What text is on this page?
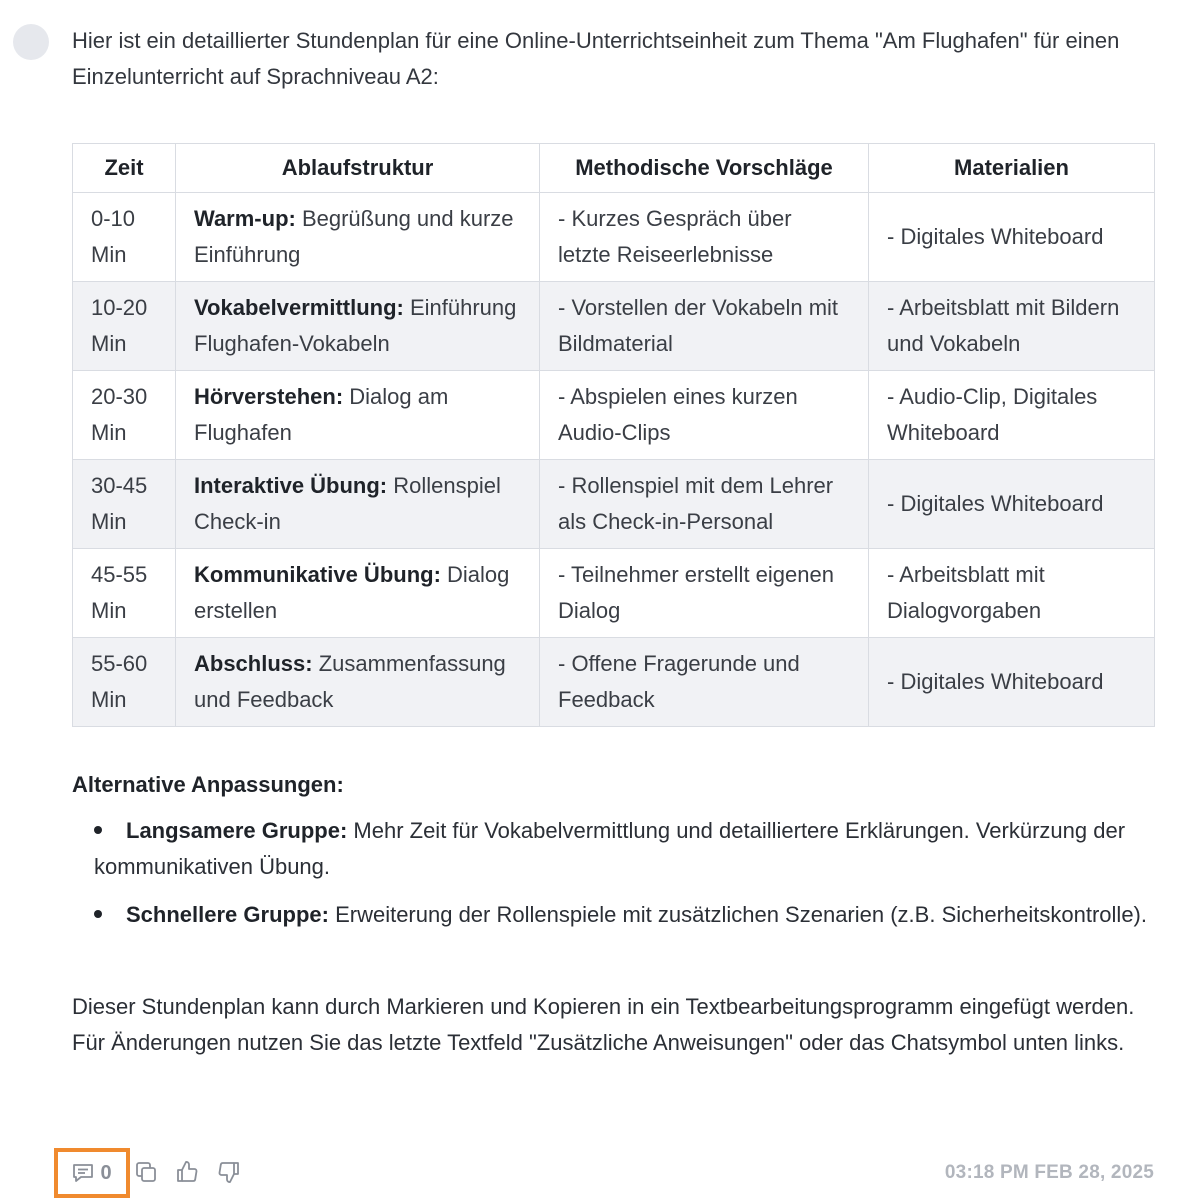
Hier ist ein detaillierter Stundenplan für eine Online-Unterrichtseinheit zum Thema "Am Flughafen" für einen Einzelunterricht auf Sprachniveau A2:

Zeit	Ablaufstruktur	Methodische Vorschläge	Materialien
0-10 Min	Warm-up: Begrüßung und kurze Einführung	- Kurzes Gespräch über letzte Reiseerlebnisse	- Digitales Whiteboard
10-20 Min	Vokabelvermittlung: Einführung Flughafen-Vokabeln	- Vorstellen der Vokabeln mit Bildmaterial	- Arbeitsblatt mit Bildern und Vokabeln
20-30 Min	Hörverstehen: Dialog am Flughafen	- Abspielen eines kurzen Audio-Clips	- Audio-Clip, Digitales Whiteboard
30-45 Min	Interaktive Übung: Rollenspiel Check-in	- Rollenspiel mit dem Lehrer als Check-in-Personal	- Digitales Whiteboard
45-55 Min	Kommunikative Übung: Dialog erstellen	- Teilnehmer erstellt eigenen Dialog	- Arbeitsblatt mit Dialogvorgaben
55-60 Min	Abschluss: Zusammenfassung und Feedback	- Offene Fragerunde und Feedback	- Digitales Whiteboard

Alternative Anpassungen:

Langsamere Gruppe: Mehr Zeit für Vokabelvermittlung und detailliertere Erklärungen. Verkürzung der kommunikativen Übung.
Schnellere Gruppe: Erweiterung der Rollenspiele mit zusätzlichen Szenarien (z.B. Sicherheitskontrolle).

Dieser Stundenplan kann durch Markieren und Kopieren in ein Textbearbeitungsprogramm eingefügt werden. Für Änderungen nutzen Sie das letzte Textfeld "Zusätzliche Anweisungen" oder das Chatsymbol unten links.

0	03:18 PM FEB 28, 2025
